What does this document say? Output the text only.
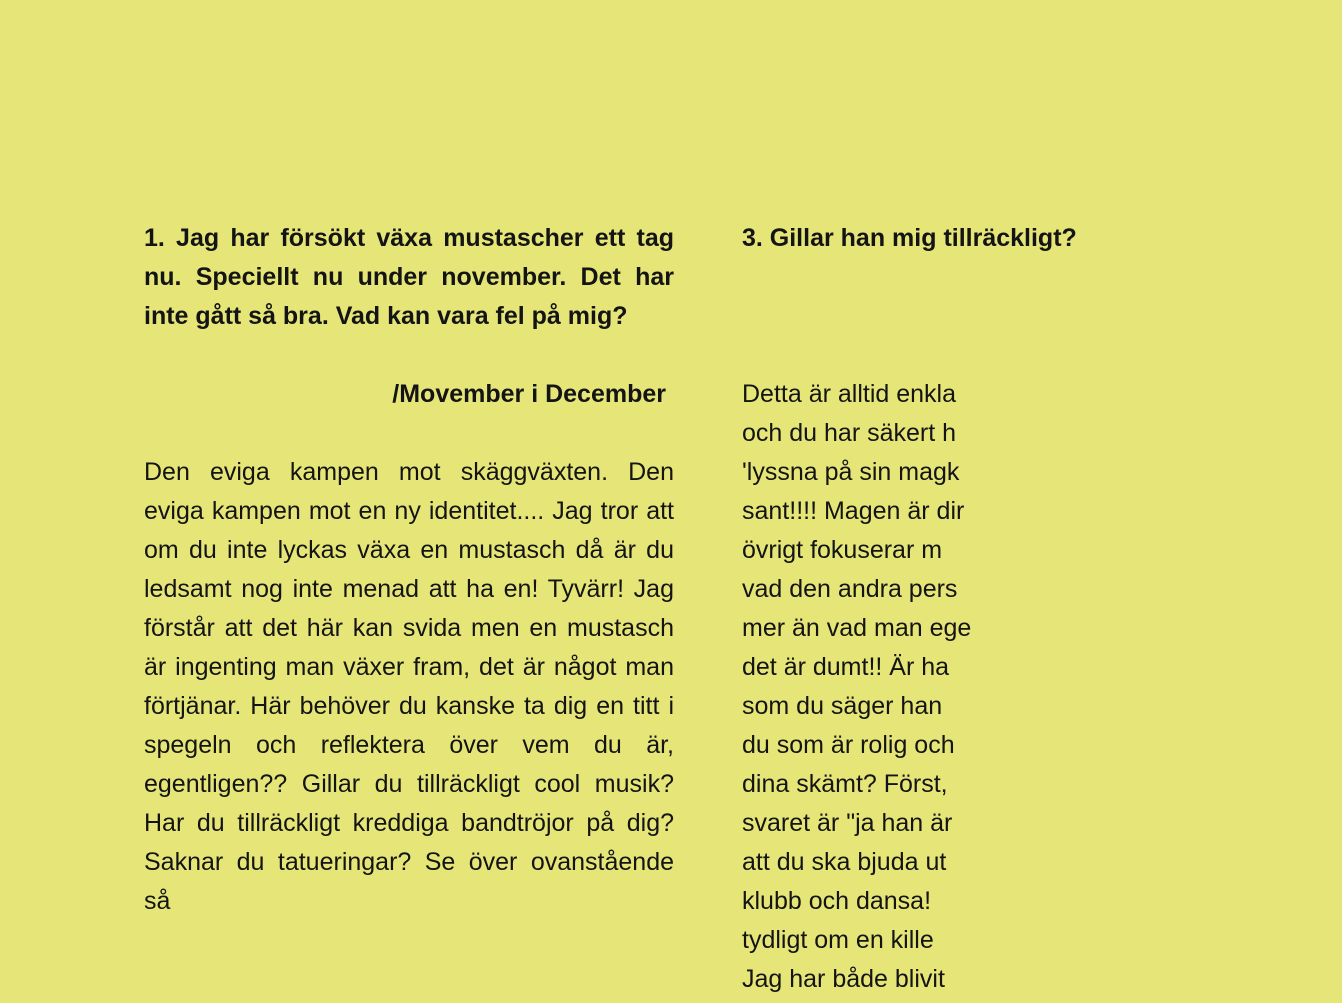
1. Jag har försökt växa mustascher ett tag nu. Speciellt nu under november. Det har inte gått så bra. Vad kan vara fel på mig?

/Movember i December

Den eviga kampen mot skäggväxten. Den eviga kampen mot en ny identitet.... Jag tror att om du inte lyckas växa en mustasch då är du ledsamt nog inte menad att ha en! Tyvärr! Jag förstår att det här kan svida men en mustasch är ingenting man växer fram, det är något man förtjänar. Här behöver du kanske ta dig en titt i spegeln och reflektera över vem du är, egentligen?? Gillar du tillräckligt cool musik? Har du tillräckligt kreddiga bandtröjor på dig? Saknar du tatueringar? Se över ovanstående så

3. Gillar han mig tillräckligt?

Detta är alltid enkla
och du har säkert h
'lyssna på sin magk
sant!!!! Magen är dir
övrigt fokuserar m
vad den andra pers
mer än vad man ege
det är dumt!! Är ha
som du säger han
du som är rolig och
dina skämt? Först,
svaret är "ja han är
att du ska bjuda ut
klubb och dansa!
tydligt om en kille
Jag har både blivit
